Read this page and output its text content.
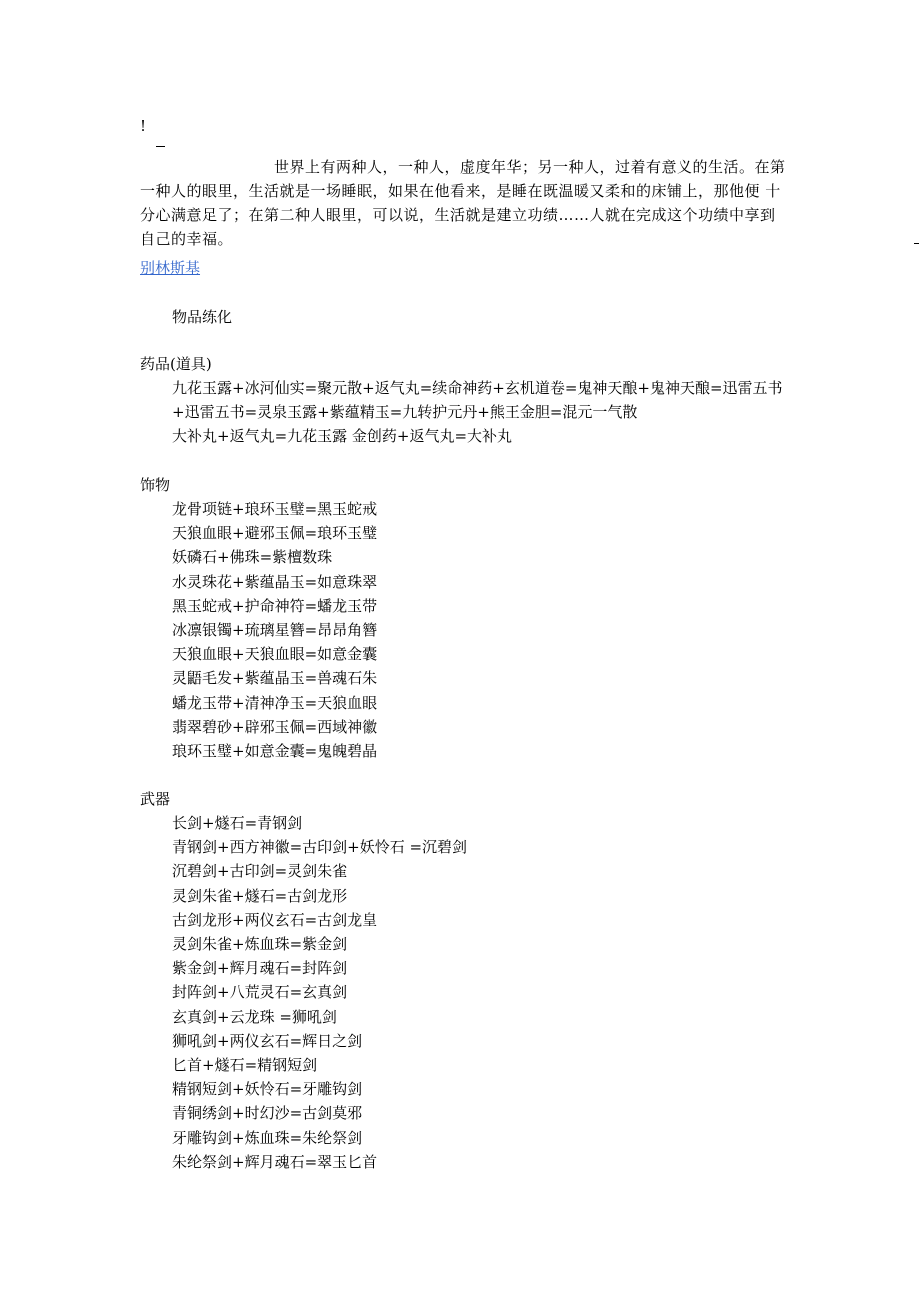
!
世界上有两种人，一种人，虚度年华；另一种人，过着有意义的生活。在第一种人的眼里，生活就是一场睡眠，如果在他看来，是睡在既温暖又柔和的床铺上，那他便 十分心满意足了；在第二种人眼里，可以说，生活就是建立功绩……人就在完成这个功绩中享到自己的幸福。
别林斯基
物品练化
药品(道具)
九花玉露+冰河仙实=聚元散+返气丸=续命神药+玄机道卷=鬼神天酿+鬼神天酿=迅雷五书+迅雷五书=灵泉玉露+紫蕴精玉=九转护元丹+熊王金胆=混元一气散
大补丸+返气丸=九花玉露 金创药+返气丸=大补丸
饰物
龙骨项链+琅环玉璧=黑玉蛇戒
天狼血眼+避邪玉佩=琅环玉璧
妖磷石+佛珠=紫檀数珠
水灵珠花+紫蕴晶玉=如意珠翠
黑玉蛇戒+护命神符=蟠龙玉带
冰凛银镯+琉璃星簪=昂昂角簪
天狼血眼+天狼血眼=如意金囊
灵鼯毛发+紫蕴晶玉=兽魂石朱
蟠龙玉带+清神净玉=天狼血眼
翡翠碧砂+辟邪玉佩=西域神徽
琅环玉璧+如意金囊=鬼魄碧晶
武器
长剑+燧石=青钢剑
青钢剑+西方神徽=古印剑+妖怜石 =沉碧剑
沉碧剑+古印剑=灵剑朱雀
灵剑朱雀+燧石=古剑龙形
古剑龙形+两仪玄石=古剑龙皇
灵剑朱雀+炼血珠=紫金剑
紫金剑+辉月魂石=封阵剑
封阵剑+八荒灵石=玄真剑
玄真剑+云龙珠 =狮吼剑
狮吼剑+两仪玄石=辉日之剑
匕首+燧石=精钢短剑
精钢短剑+妖怜石=牙雕钩剑
青铜绣剑+时幻沙=古剑莫邪
牙雕钩剑+炼血珠=朱纶祭剑
朱纶祭剑+辉月魂石=翠玉匕首
